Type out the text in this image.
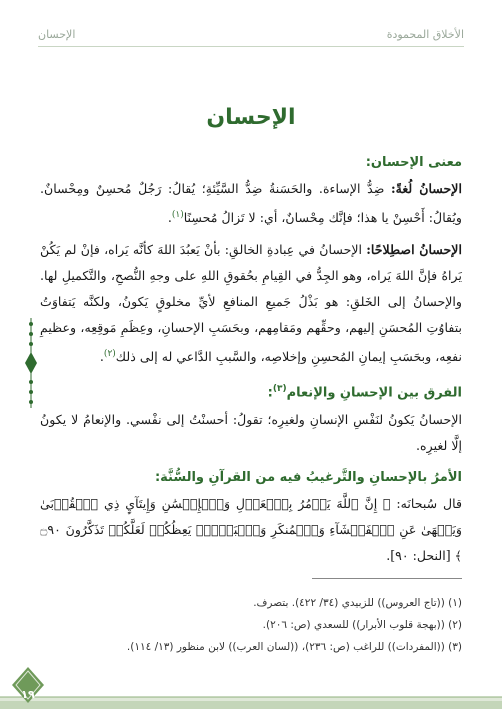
الأخلاق المحمودة
الإحسان
الإحسان
معنى الإحسان:

الإحسانُ لُغةً: ضِدُّ الإساءة. والحَسَنةُ ضِدُّ السَّيِّئةِ؛ يُقالُ: رَجُلٌ مُحسِنٌ ومِحْسانٌ. ويُقالُ: أَحْسِنْ يا هذا؛ فإنَّك مِحْسانٌ، أي: لا تَزالُ مُحسِنًا$^{(١)}$.

الإحسانُ اصطِلاحًا: الإحسانُ في عِبادةِ الخالقِ: بأنْ يَعبُدَ اللهَ كأنَّه يَراه، فإنْ لم يَكُنْ يَراهُ فإنَّ اللهَ يَراه، وهو الجِدُّ في القِيامِ بحُقوقِ اللهِ على وجهِ النُّصحِ، والتَّكميلِ لها. والإحسانُ إلى الخَلقِ: هو بَذْلُ جَميعِ المنافعِ لأيِّ مخلوقٍ يَكونُ، ولكنَّه يَتفاوَتُ بتفاوُتِ المُحسَنِ إليهم، وحقِّهم ومَقامِهم، وبحَسَبِ الإحسانِ، وعِظَمِ مَوقِعِه، وعظيمِ نفعِه، وبحَسَبِ إيمانِ المُحسِنِ وإخلاصِه، والسَّببِ الدَّاعي له إلى ذلك$^{(٢)}$.

الفرق بين الإحسانِ والإنعام$^{(٣)}$:

الإحسانُ يَكونُ لنَفْسِ الإنسانِ ولغيرِه؛ تقولُ: أحسنْتُ إلى نفْسي. والإنعامُ لا يكونُ إلَّا لغيرِه.

الأمرُ بالإحسانِ والتَّرغيبُ فيه من القرآنِ والسُّنَّة:

قال سُبحانَه: ﴿ إِنَّ ٱللَّهَ يَأۡمُرُ بِٱلۡعَدۡلِ وَٱلۡإِحۡسَٰنِ وَإِيتَآيِٕ ذِي ٱلۡقُرۡبَىٰ وَيَنۡهَىٰ عَنِ ٱلۡفَحۡشَآءِ وَٱلۡمُنكَرِ وَٱلۡبَغۡيِۚ يَعِظُكُمۡ لَعَلَّكُمۡ تَذَكَّرُونَ ۝٩٠ ﴾ [النحل: ٩٠].

(١) ((تاج العروس)) للزبيدي (٣٤/ ٤٢٢). بتصرف.
(٢) ((بهجة قلوب الأبرار)) للسعدي (ص: ٢٠٦).
(٣) ((المفردات)) للراغب (ص: ٢٣٦)، ((لسان العرب)) لابن منظور (١٣/ ١١٤).
١٩
